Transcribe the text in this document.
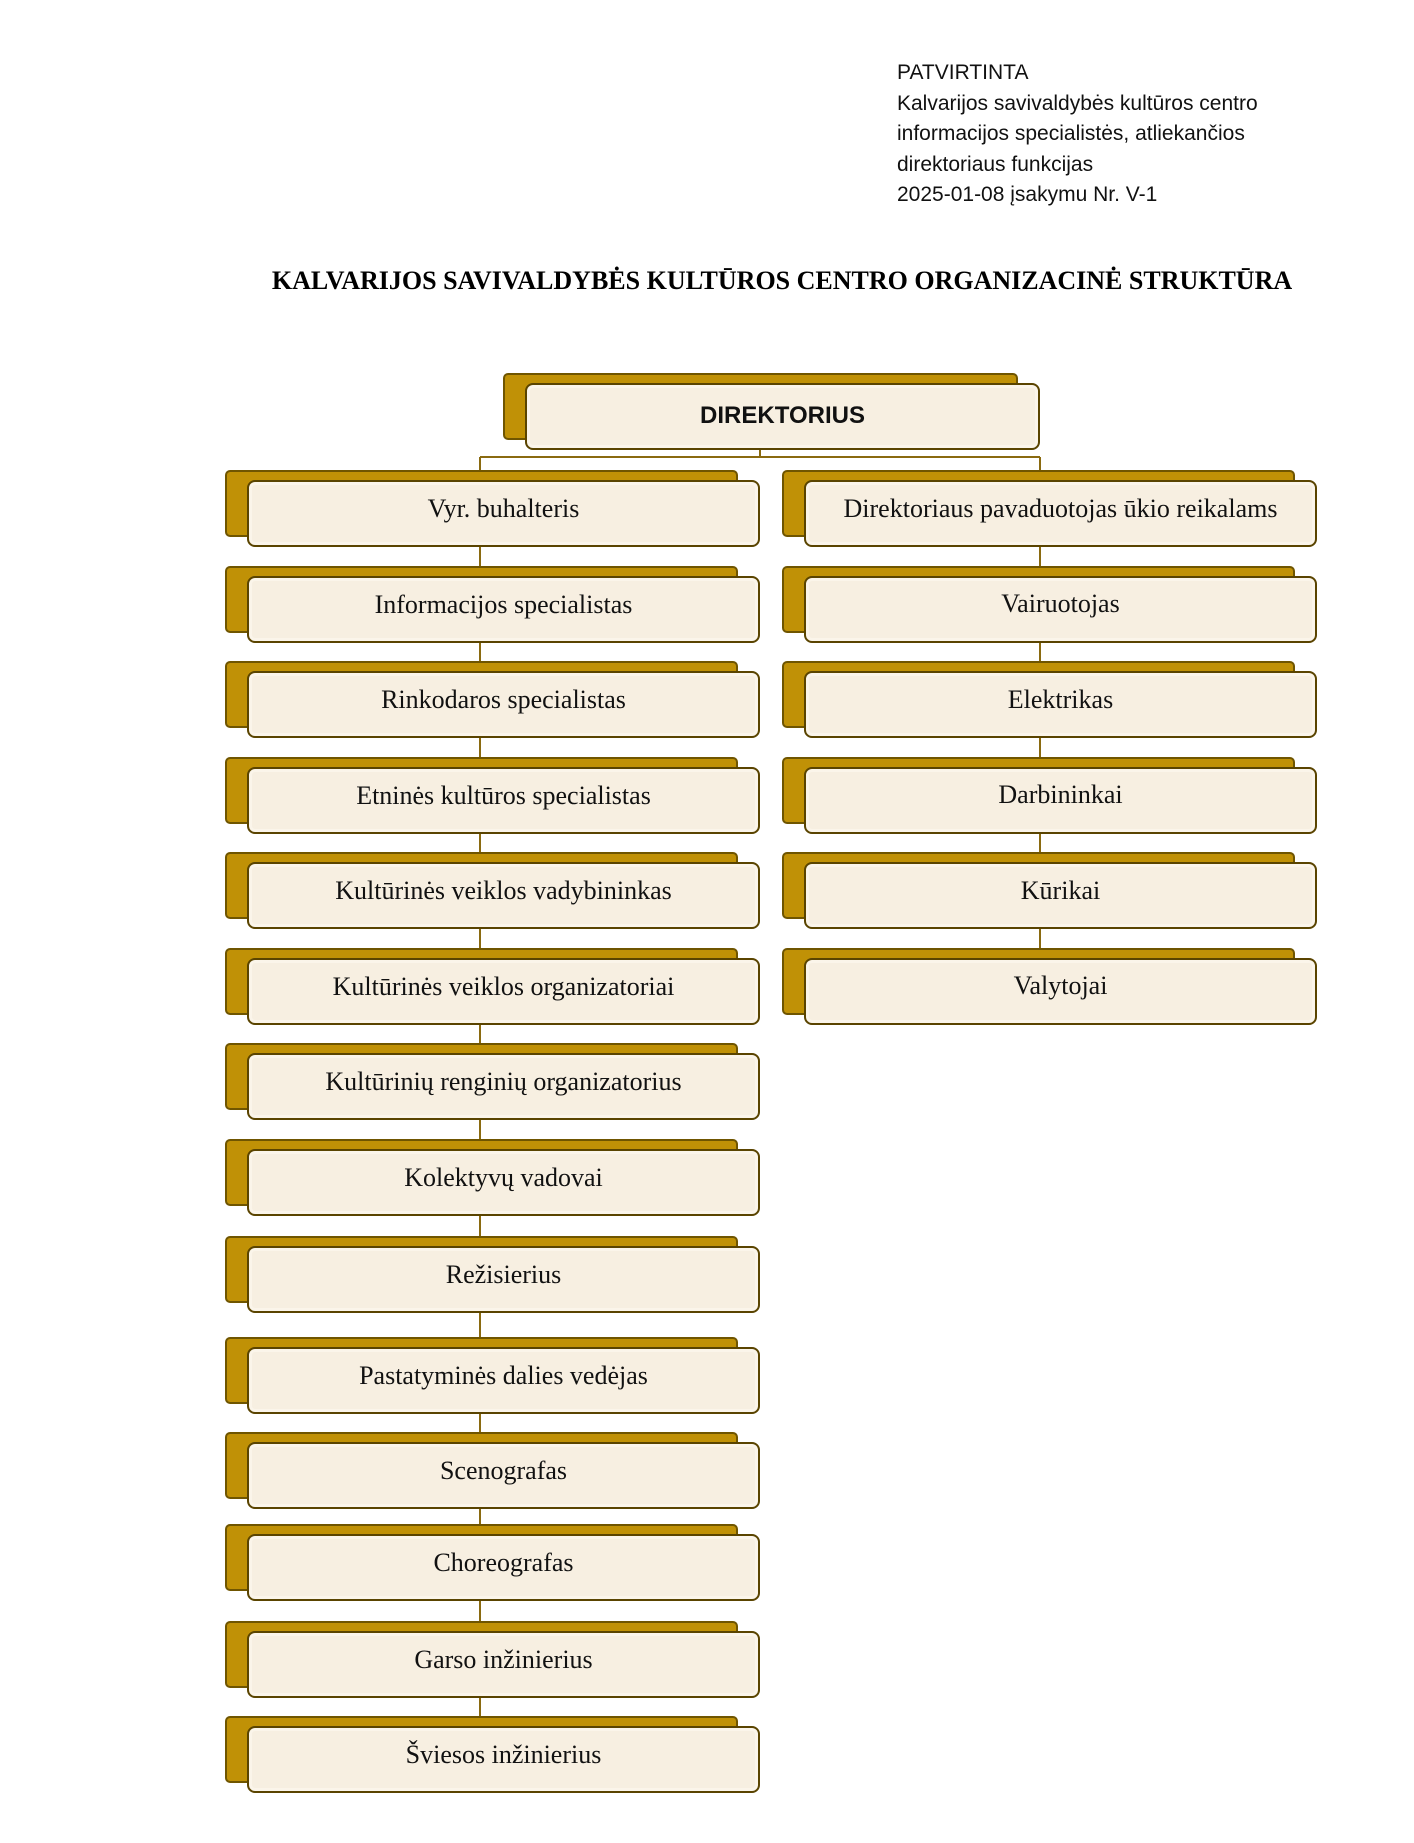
PATVIRTINTA
Kalvarijos savivaldybės kultūros centro
informacijos specialistės, atliekančios
direktoriaus funkcijas
2025-01-08 įsakymu Nr. V-1
KALVARIJOS SAVIVALDYBĖS KULTŪROS CENTRO ORGANIZACINĖ STRUKTŪRA
DIREKTORIUS
Vyr. buhalteris
Informacijos specialistas
Rinkodaros specialistas
Etninės kultūros specialistas
Kultūrinės veiklos vadybininkas
Kultūrinės veiklos organizatoriai
Kultūrinių renginių organizatorius
Kolektyvų vadovai
Režisierius
Pastatyminės dalies vedėjas
Scenografas
Choreografas
Garso inžinierius
Šviesos inžinierius
Direktoriaus pavaduotojas ūkio reikalams
Vairuotojas
Elektrikas
Darbininkai
Kūrikai
Valytojai
